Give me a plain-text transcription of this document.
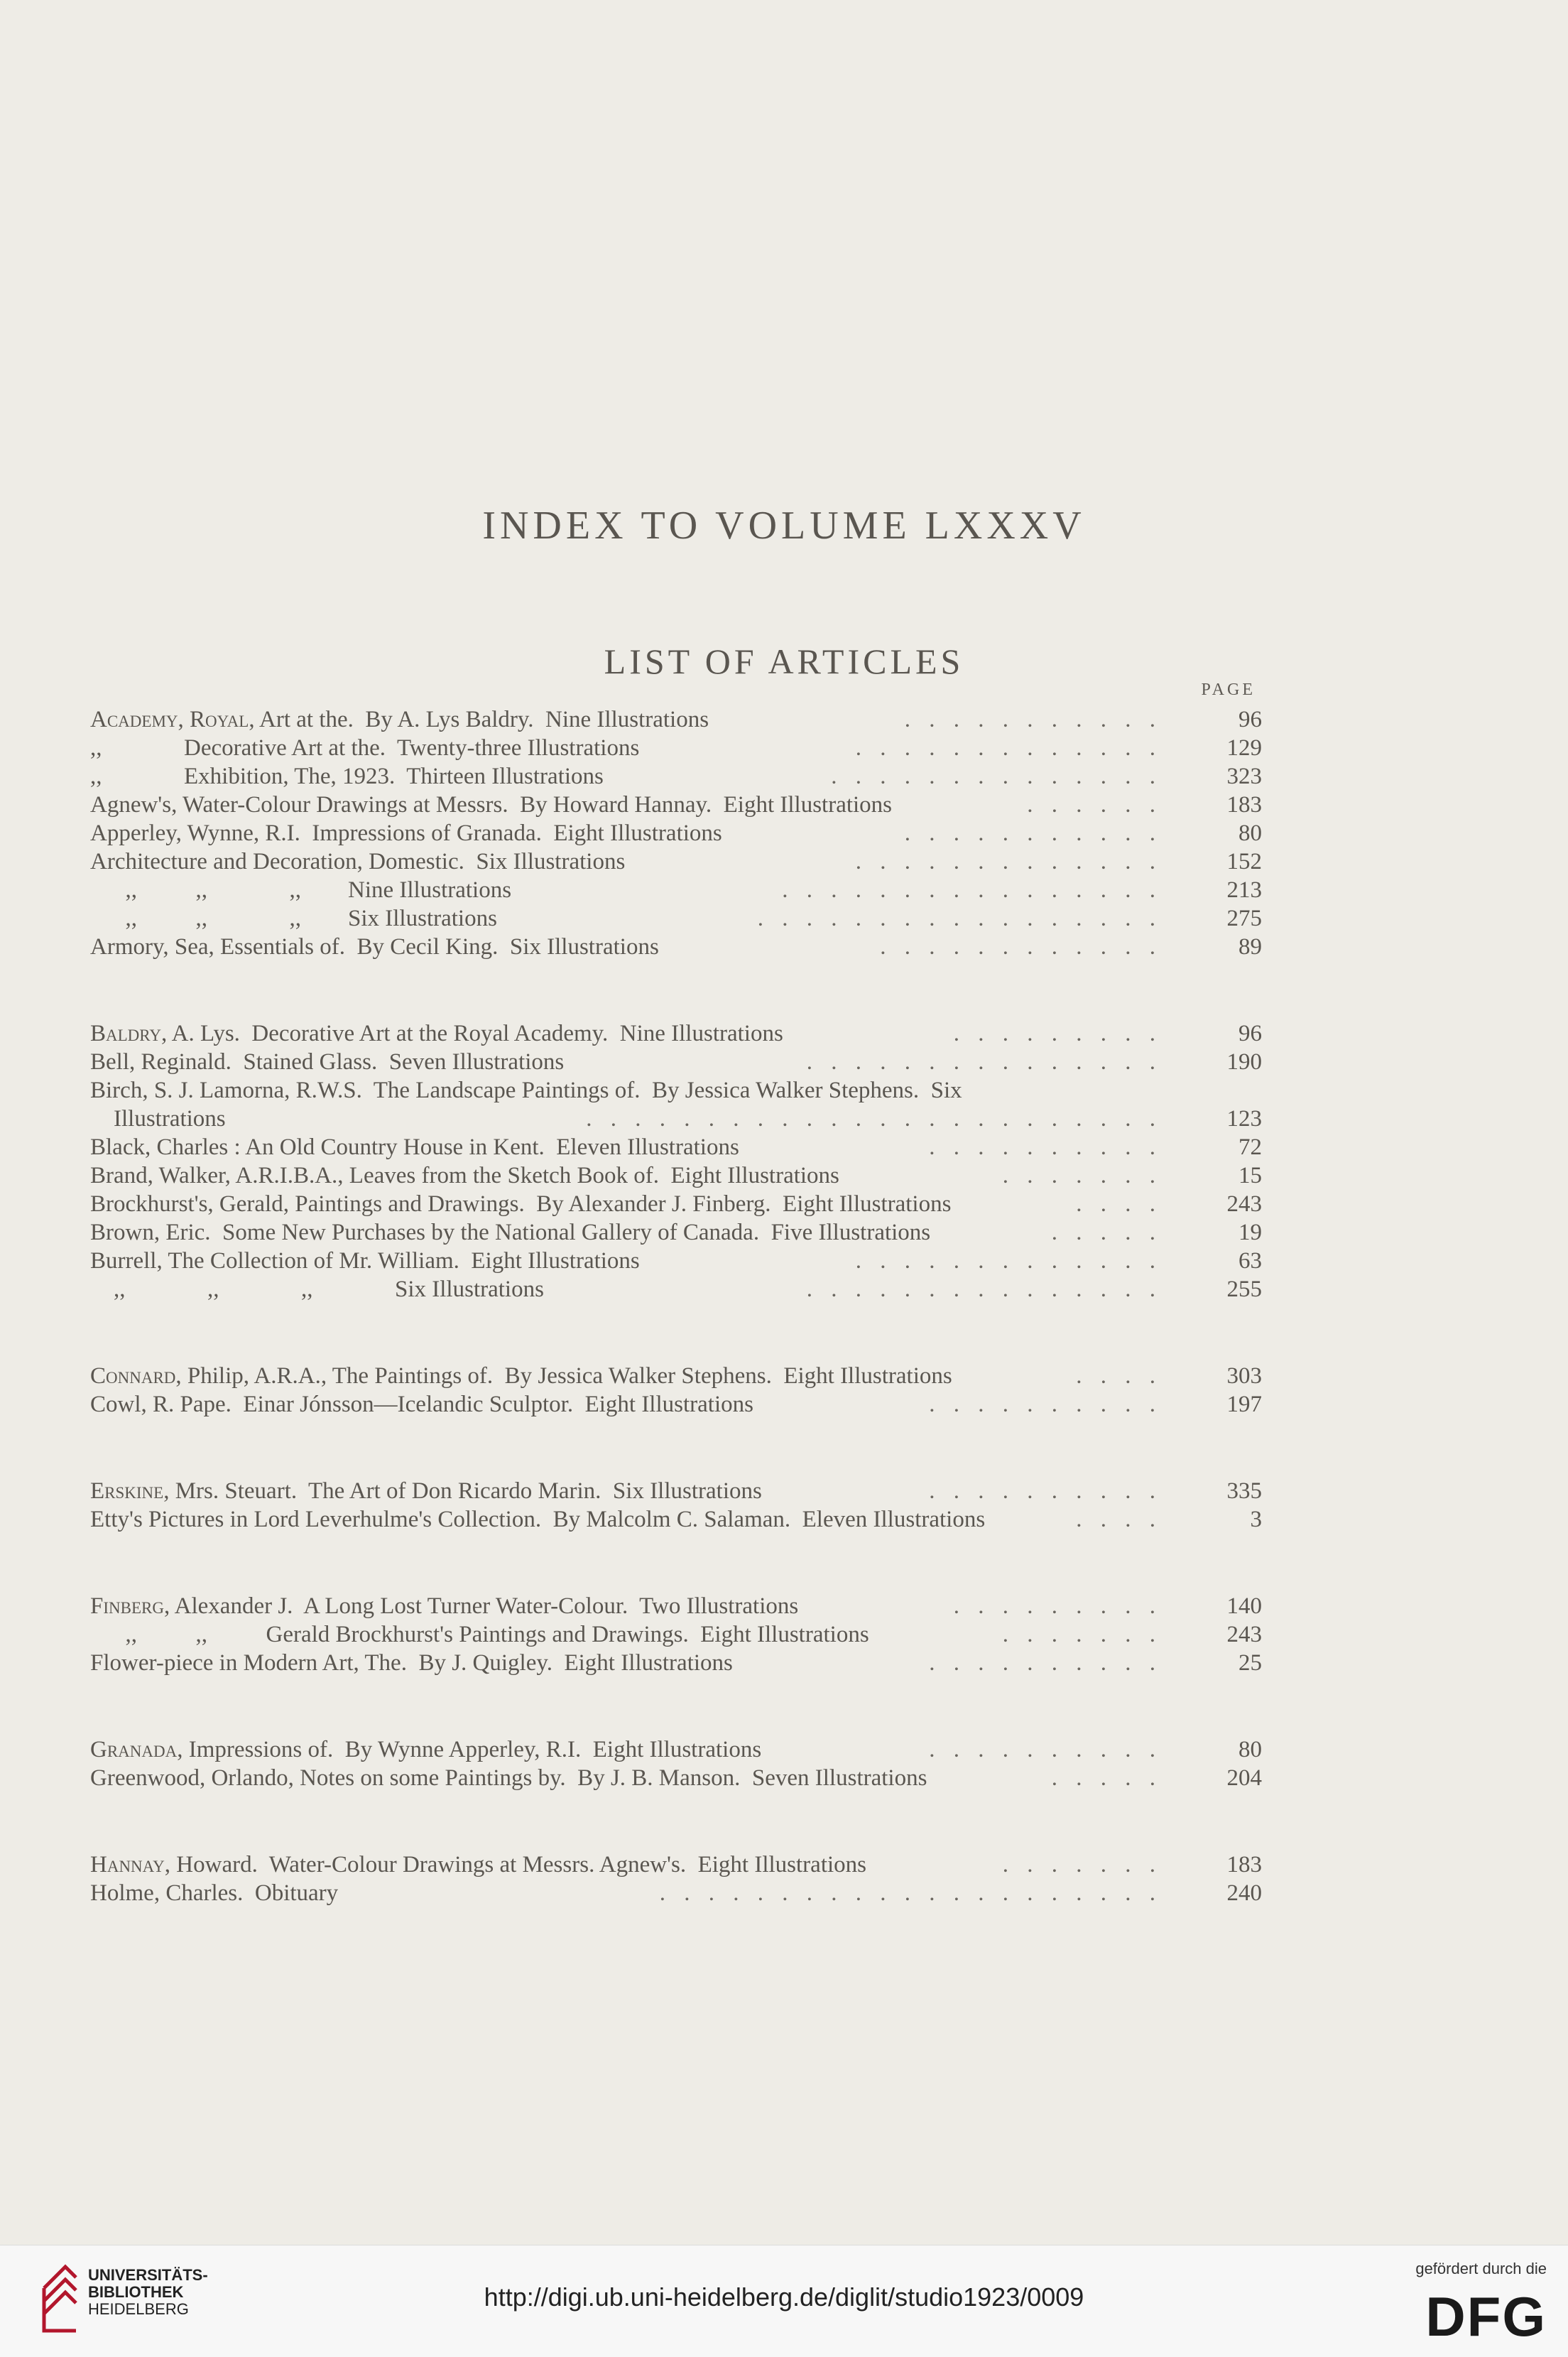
INDEX TO VOLUME LXXXV
LIST OF ARTICLES
PAGE
Academy, Royal, Art at the.  By A. Lys Baldry.  Nine Illustrations	. . . . . . . . . . .	96
,,              Decorative Art at the.  Twenty-three Illustrations	. . . . . . . . . . . . .	129
,,              Exhibition, The, 1923.  Thirteen Illustrations	. . . . . . . . . . . . . .	323
Agnew's, Water-Colour Drawings at Messrs.  By Howard Hannay.  Eight Illustrations	. . . . . .	183
Apperley, Wynne, R.I.  Impressions of Granada.  Eight Illustrations	. . . . . . . . . . .	80
Architecture and Decoration, Domestic.  Six Illustrations	. . . . . . . . . . . . .	152
,,          ,,              ,,        Nine Illustrations	. . . . . . . . . . . . . . . .	213
,,          ,,              ,,        Six Illustrations	. . . . . . . . . . . . . . . . .	275
Armory, Sea, Essentials of.  By Cecil King.  Six Illustrations	. . . . . . . . . . . .	89
Baldry, A. Lys.  Decorative Art at the Royal Academy.  Nine Illustrations	. . . . . . . . .	96
Bell, Reginald.  Stained Glass.  Seven Illustrations	. . . . . . . . . . . . . . .	190
Birch, S. J. Lamorna, R.W.S.  The Landscape Paintings of.  By Jessica Walker Stephens.  Six
Illustrations	. . . . . . . . . . . . . . . . . . . . . . . .	123
Black, Charles : An Old Country House in Kent.  Eleven Illustrations	. . . . . . . . . .	72
Brand, Walker, A.R.I.B.A., Leaves from the Sketch Book of.  Eight Illustrations	. . . . . . .	15
Brockhurst's, Gerald, Paintings and Drawings.  By Alexander J. Finberg.  Eight Illustrations	. . . .	243
Brown, Eric.  Some New Purchases by the National Gallery of Canada.  Five Illustrations	. . . . .	19
Burrell, The Collection of Mr. William.  Eight Illustrations	. . . . . . . . . . . . .	63
,,              ,,              ,,              Six Illustrations	. . . . . . . . . . . . . . .	255
Connard, Philip, A.R.A., The Paintings of.  By Jessica Walker Stephens.  Eight Illustrations	. . . .	303
Cowl, R. Pape.  Einar Jónsson—Icelandic Sculptor.  Eight Illustrations	. . . . . . . . . .	197
Erskine, Mrs. Steuart.  The Art of Don Ricardo Marin.  Six Illustrations	. . . . . . . . . .	335
Etty's Pictures in Lord Leverhulme's Collection.  By Malcolm C. Salaman.  Eleven Illustrations	. . . .	3
Finberg, Alexander J.  A Long Lost Turner Water-Colour.  Two Illustrations	. . . . . . . . .	140
,,          ,,          Gerald Brockhurst's Paintings and Drawings.  Eight Illustrations	. . . . . . .	243
Flower-piece in Modern Art, The.  By J. Quigley.  Eight Illustrations	. . . . . . . . . .	25
Granada, Impressions of.  By Wynne Apperley, R.I.  Eight Illustrations	. . . . . . . . . .	80
Greenwood, Orlando, Notes on some Paintings by.  By J. B. Manson.  Seven Illustrations	. . . . .	204
Hannay, Howard.  Water-Colour Drawings at Messrs. Agnew's.  Eight Illustrations	. . . . . . .	183
Holme, Charles.  Obituary	. . . . . . . . . . . . . . . . . . . . .	240
UNIVERSITÄTS-
BIBLIOTHEK
HEIDELBERG	http://digi.ub.uni-heidelberg.de/diglit/studio1923/0009
gefördert durch die
DFG
